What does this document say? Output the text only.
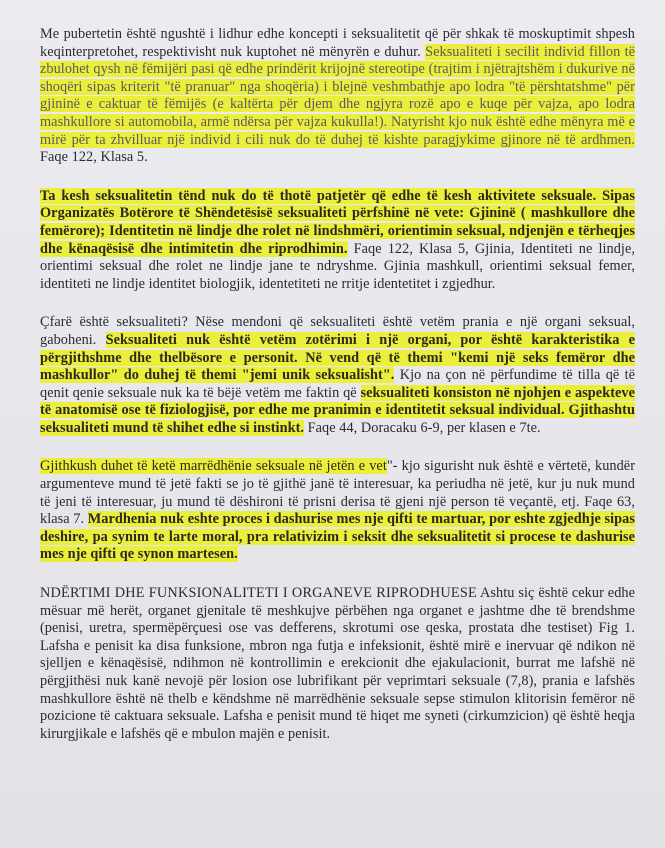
Me pubertetin është ngushtë i lidhur edhe koncepti i seksualitetit që për shkak të moskuptimit shpesh keqinterpretohet, respektivisht nuk kuptohet në mënyrën e duhur. Seksualiteti i secilit individ fillon të zbulohet qysh në fëmijëri pasi që edhe prindërit krijojnë stereotipe (trajtim i njëtrajtshëm i dukurive në shoqëri sipas kriterit "të pranuar" nga shoqëria) i blejnë veshmbathje apo lodra "të përshtatshme" për gjininë e caktuar të fëmijës (e kaltërta për djem dhe ngjyra rozë apo e kuqe për vajza, apo lodra mashkullore si automobila, armë ndërsa për vajza kukulla!). Natyrisht kjo nuk është edhe mënyra më e mirë për ta zhvilluar një individ i cili nuk do të duhej të kishte paragjykime gjinore në të ardhmen. Faqe 122, Klasa 5.

Ta kesh seksualitetin tënd nuk do të thotë patjetër që edhe të kesh aktivitete seksuale. Sipas Organizatës Botërore të Shëndetësisë seksualiteti përfshinë në vete: Gjininë ( mashkullore dhe femërore); Identitetin në lindje dhe rolet në lindshmëri, orientimin seksual, ndjenjën e tërheqjes dhe kënaqësisë dhe intimitetin dhe riprodhimin. Faqe 122, Klasa 5, Gjinia, Identiteti ne lindje, orientimi seksual dhe rolet ne lindje jane te ndryshme. Gjinia mashkull, orientimi seksual femer, identiteti ne lindje identitet biologjik, identetiteti ne rritje identetitet i zgjedhur.

Çfarë është seksualiteti? Nëse mendoni që seksualiteti është vetëm prania e një organi seksual, gaboheni. Seksualiteti nuk është vetëm zotërimi i një organi, por është karakteristika e përgjithshme dhe thelbësore e personit. Në vend që të themi "kemi një seks femëror dhe mashkullor" do duhej të themi "jemi unik seksualisht". Kjo na çon në përfundime të tilla që të qenit qenie seksuale nuk ka të bëjë vetëm me faktin që seksualiteti konsiston në njohjen e aspekteve të anatomisë ose të fiziologjisë, por edhe me pranimin e identitetit seksual individual. Gjithashtu seksualiteti mund të shihet edhe si instinkt. Faqe 44, Doracaku 6-9, per klasen e 7te.

Gjithkush duhet të ketë marrëdhënie seksuale në jetën e vet"- kjo sigurisht nuk është e vërtetë, kundër argumenteve mund të jetë fakti se jo të gjithë janë të interesuar, ka periudha në jetë, kur ju nuk mund të jeni të interesuar, ju mund të dëshironi të prisni derisa të gjeni një person të veçantë, etj. Faqe 63, klasa 7. Mardhenia nuk eshte proces i dashurise mes nje qifti te martuar, por eshte zgjedhje sipas deshire, pa synim te larte moral, pra relativizim i seksit dhe seksualitetit si procese te dashurise mes nje qifti qe synon martesen.

NDËRTIMI DHE FUNKSIONALITETI I ORGANEVE RIPRODHUESE Ashtu siç është cekur edhe mësuar më herët, organet gjenitale të meshkujve përbëhen nga organet e jashtme dhe të brendshme (penisi, uretra, spermëpërçuesi ose vas defferens, skrotumi ose qeska, prostata dhe testiset) Fig 1. Lafsha e penisit ka disa funksione, mbron nga futja e infeksionit, është mirë e inervuar që ndikon në sjelljen e kënaqësisë, ndihmon në kontrollimin e erekcionit dhe ejakulacionit, burrat me lafshë në përgjithësi nuk kanë nevojë për losion ose lubrifikant për veprimtari seksuale (7,8), prania e lafshës mashkullore është në thelb e këndshme në marrëdhënie seksuale sepse stimulon klitorisin femëror në pozicione të caktuara seksuale. Lafsha e penisit mund të hiqet me syneti (cirkumzicion) që është heqja kirurgjikale e lafshës që e mbulon majën e penisit.
